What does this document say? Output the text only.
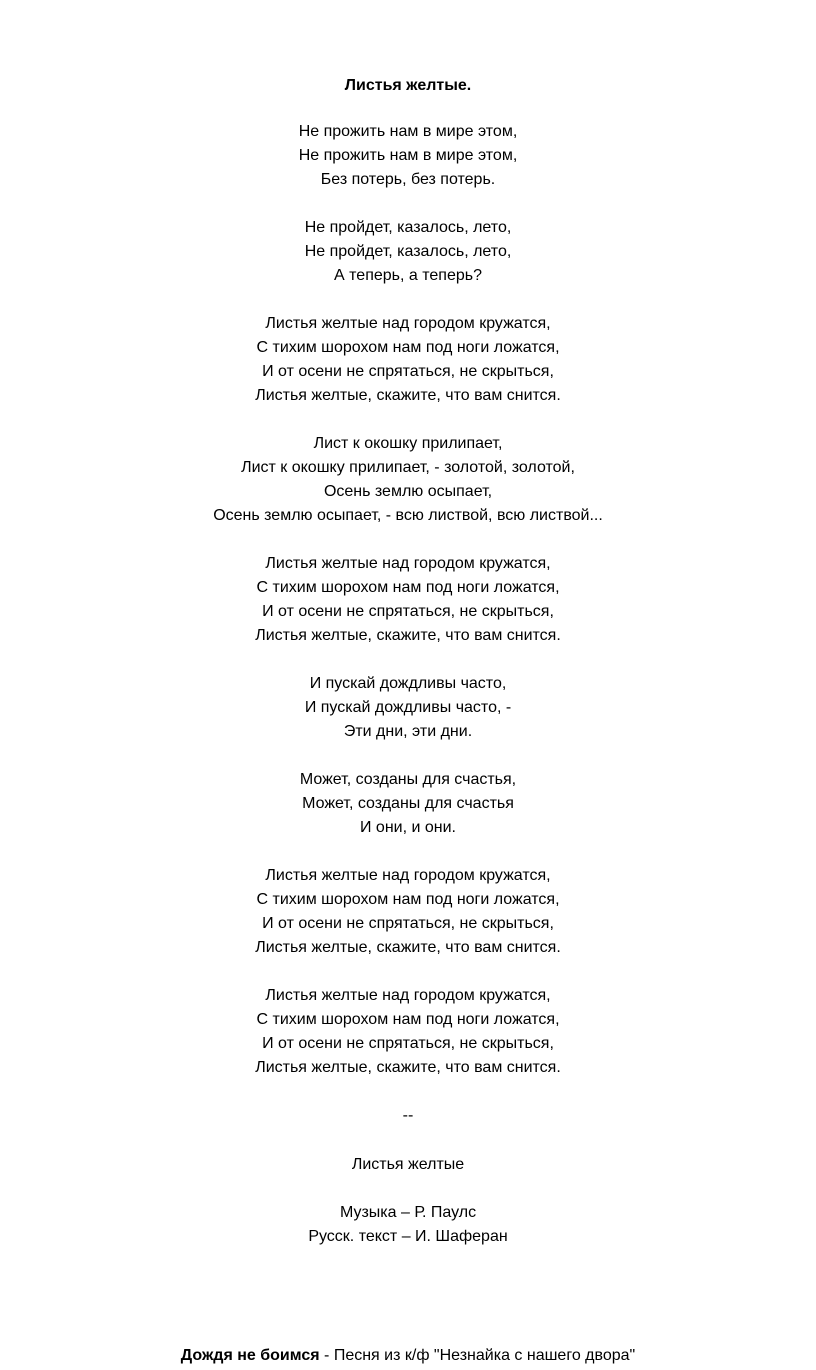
Листья желтые.
Не прожить нам в мире этом,
Не прожить нам в мире этом,
Без потерь, без потерь.
Не пройдет, казалось, лето,
Не пройдет, казалось, лето,
А теперь, а теперь?
Листья желтые над городом кружатся,
С тихим шорохом нам под ноги ложатся,
И от осени не спрятаться, не скрыться,
Листья желтые, скажите, что вам снится.
Лист к окошку прилипает,
Лист к окошку прилипает, - золотой, золотой,
Осень землю осыпает,
Осень землю осыпает, - всю листвой, всю листвой...
Листья желтые над городом кружатся,
С тихим шорохом нам под ноги ложатся,
И от осени не спрятаться, не скрыться,
Листья желтые, скажите, что вам снится.
И пускай дождливы часто,
И пускай дождливы часто, -
Эти дни, эти дни.
Может, созданы для счастья,
Может, созданы для счастья
И они, и они.
Листья желтые над городом кружатся,
С тихим шорохом нам под ноги ложатся,
И от осени не спрятаться, не скрыться,
Листья желтые, скажите, что вам снится.
Листья желтые над городом кружатся,
С тихим шорохом нам под ноги ложатся,
И от осени не спрятаться, не скрыться,
Листья желтые, скажите, что вам снится.
--
Листья желтые
Музыка – Р. Паулс
Русск. текст – И. Шаферан
Дождя не боимся - Песня из к/ф "Незнайка с нашего двора"
